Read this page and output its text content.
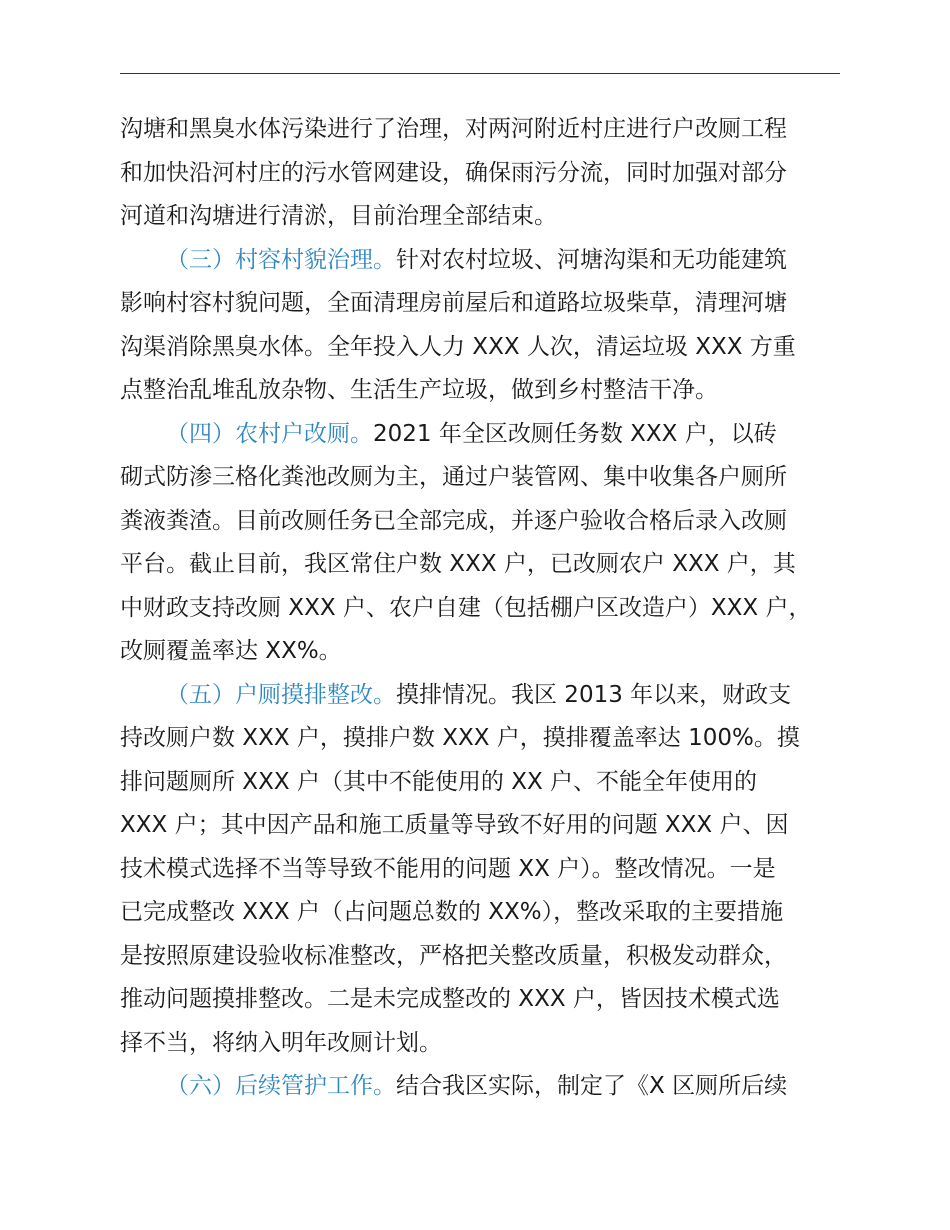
沟塘和黑臭水体污染进行了治理，对两河附近村庄进行户改厕工程
和加快沿河村庄的污水管网建设，确保雨污分流，同时加强对部分
河道和沟塘进行清淤，目前治理全部结束。
（三）村容村貌治理。针对农村垃圾、河塘沟渠和无功能建筑
影响村容村貌问题，全面清理房前屋后和道路垃圾柴草，清理河塘
沟渠消除黑臭水体。全年投入人力 XXX 人次，清运垃圾 XXX 方重
点整治乱堆乱放杂物、生活生产垃圾，做到乡村整洁干净。
（四）农村户改厕。2021 年全区改厕任务数 XXX 户，以砖
砌式防渗三格化粪池改厕为主，通过户装管网、集中收集各户厕所
粪液粪渣。目前改厕任务已全部完成，并逐户验收合格后录入改厕
平台。截止目前，我区常住户数 XXX 户，已改厕农户 XXX 户，其
中财政支持改厕 XXX 户、农户自建（包括棚户区改造户）XXX 户，
改厕覆盖率达 XX%。
（五）户厕摸排整改。摸排情况。我区 2013 年以来，财政支
持改厕户数 XXX 户，摸排户数 XXX 户，摸排覆盖率达 100%。摸
排问题厕所 XXX 户（其中不能使用的 XX 户、不能全年使用的
XXX 户；其中因产品和施工质量等导致不好用的问题 XXX 户、因
技术模式选择不当等导致不能用的问题 XX 户）。整改情况。一是
已完成整改 XXX 户（占问题总数的 XX%），整改采取的主要措施
是按照原建设验收标准整改，严格把关整改质量，积极发动群众，
推动问题摸排整改。二是未完成整改的 XXX 户，皆因技术模式选
择不当，将纳入明年改厕计划。
（六）后续管护工作。结合我区实际，制定了《X 区厕所后续
